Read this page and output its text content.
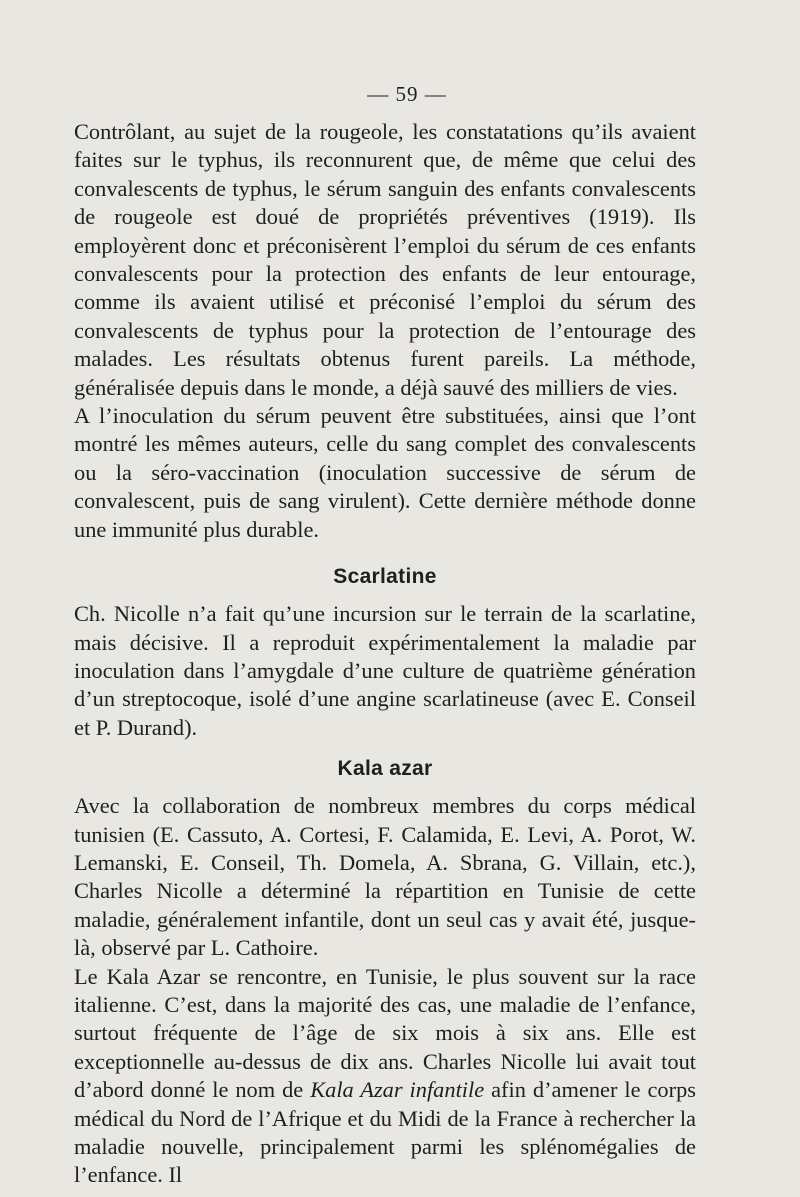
— 59 —

Contrôlant, au sujet de la rougeole, les constatations qu’ils avaient faites sur le typhus, ils reconnurent que, de même que celui des convalescents de typhus, le sérum sanguin des enfants convalescents de rougeole est doué de propriétés préventives (1919). Ils employèrent donc et préconisèrent l’emploi du sérum de ces enfants convalescents pour la protection des enfants de leur entourage, comme ils avaient utilisé et préconisé l’emploi du sérum des convalescents de typhus pour la protection de l’entourage des malades. Les résultats obtenus furent pareils. La méthode, généralisée depuis dans le monde, a déjà sauvé des milliers de vies.

A l’inoculation du sérum peuvent être substituées, ainsi que l’ont montré les mêmes auteurs, celle du sang complet des convalescents ou la séro-vaccination (inoculation successive de sérum de convalescent, puis de sang virulent). Cette dernière méthode donne une immunité plus durable.

Scarlatine

Ch. Nicolle n’a fait qu’une incursion sur le terrain de la scarlatine, mais décisive. Il a reproduit expérimentalement la maladie par inoculation dans l’amygdale d’une culture de quatrième génération d’un streptocoque, isolé d’une angine scarlatineuse (avec E. Conseil et P. Durand).

Kala azar

Avec la collaboration de nombreux membres du corps médical tunisien (E. Cassuto, A. Cortesi, F. Calamida, E. Levi, A. Porot, W. Lemanski, E. Conseil, Th. Domela, A. Sbrana, G. Villain, etc.), Charles Nicolle a déterminé la répartition en Tunisie de cette maladie, généralement infantile, dont un seul cas y avait été, jusque-là, observé par L. Cathoire.

Le Kala Azar se rencontre, en Tunisie, le plus souvent sur la race italienne. C’est, dans la majorité des cas, une maladie de l’enfance, surtout fréquente de l’âge de six mois à six ans. Elle est exceptionnelle au-dessus de dix ans. Charles Nicolle lui avait tout d’abord donné le nom de Kala Azar infantile afin d’amener le corps médical du Nord de l’Afrique et du Midi de la France à rechercher la maladie nouvelle, principalement parmi les splénomégalies de l’enfance. Il
